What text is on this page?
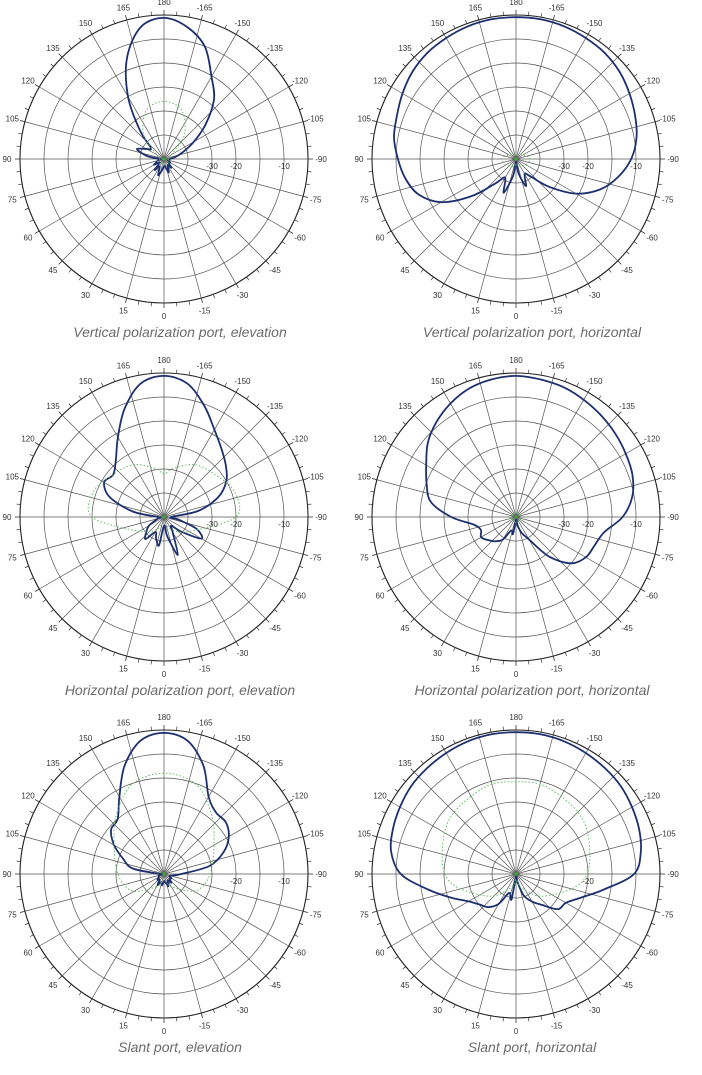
180
-165
-150
-135
-120
-105
-90
-75
-60
-45
-30
-15
0
15
30
45
60
75
90
105
120
135
150
165
-30 -20	-10
Vertical polarization port, elevation
180
-165
-150
-135
-120
-105
-90
-75
-60
-45
-30
-15
0
15
30
45
60
75
90
105
120
135
150
165
-30 -20	-10
Vertical polarization port, horizontal
180
-165
-150
-135
-120
-105
-90
-75
-60
-45
-30
-15
0
15
30
45
60
75
90
105
120
135
150
165
-30 -20	-10
Horizontal polarization port, elevation
180
-165
-150
-135
-120
-105
-90
-75
-60
-45
-30
-15
0
15
30
45
60
75
90
105
120
135
150
165
-30 -20	-10
Horizontal polarization port, horizontal
180
-165
-150
-135
-120
-105
-90
-75
-60
-45
-30
-15
0
15
30
45
60
75
90
105
120
135
150
165
-20	-10
Slant port, elevation
180
-165
-150
-135
-120
-105
-90
-75
-60
-45
-30
-15
0
15
30
45
60
75
90
105
120
135
150
165
-20
Slant port, horizontal
